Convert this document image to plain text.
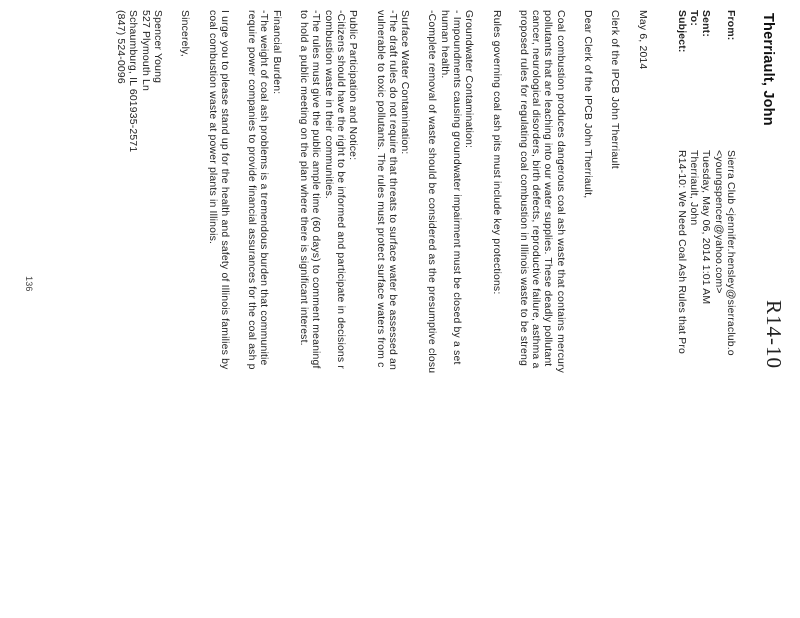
Therriault, John
R14-10
From:	Sierra Club <jennifer.hensley@sierraclub.o
	<youngspencer@yahoo.com>
Sent:	Tuesday, May 06, 2014 1:01 AM
To:	Therriault, John
Subject:	R14-10: We Need Coal Ash Rules that Pro
May 6, 2014
Clerk of the IPCB John Therriault
Dear Clerk of the IPCB John Therriault,
Coal combustion produces dangerous coal ash waste that contains mercury
pollutants that are leaching into our water supplies. These deadly pollutant
cancer, neurological disorders, birth defects, reproductive failure, asthma a
proposed rules for regulating coal combustion in Illinois waste to be streng
Rules governing coal ash pits must include key protections:
Groundwater Contamination:
- Impoundments causing groundwater impairment must be closed by a set
human health.
-Complete removal of waste should be considered as the presumptive closu
Surface Water Contamination:
-The draft rules do not require that threats to surface water be assessed an
vulnerable to toxic pollutants. The rules must protect surface waters from c
Public Participation and Notice:
-Citizens should have the right to be informed and participate in decisions r
combustion waste in their communities.
-The rules must give the public ample time (60 days) to comment meaningf
to hold a public meeting on the plan where there is significant interest.
Financial Burden:
-The weight of coal ash problems is a tremendous burden that communitie
require power companies to provide financial assurances for the coal ash p
I urge you to please stand up for the health and safety of Illinois families by
coal combustion waste at power plants in Illinois.
Sincerely,
Spencer Young
527 Plymouth Ln
Schaumburg, IL 601935-2571
(847) 524-0096
136
